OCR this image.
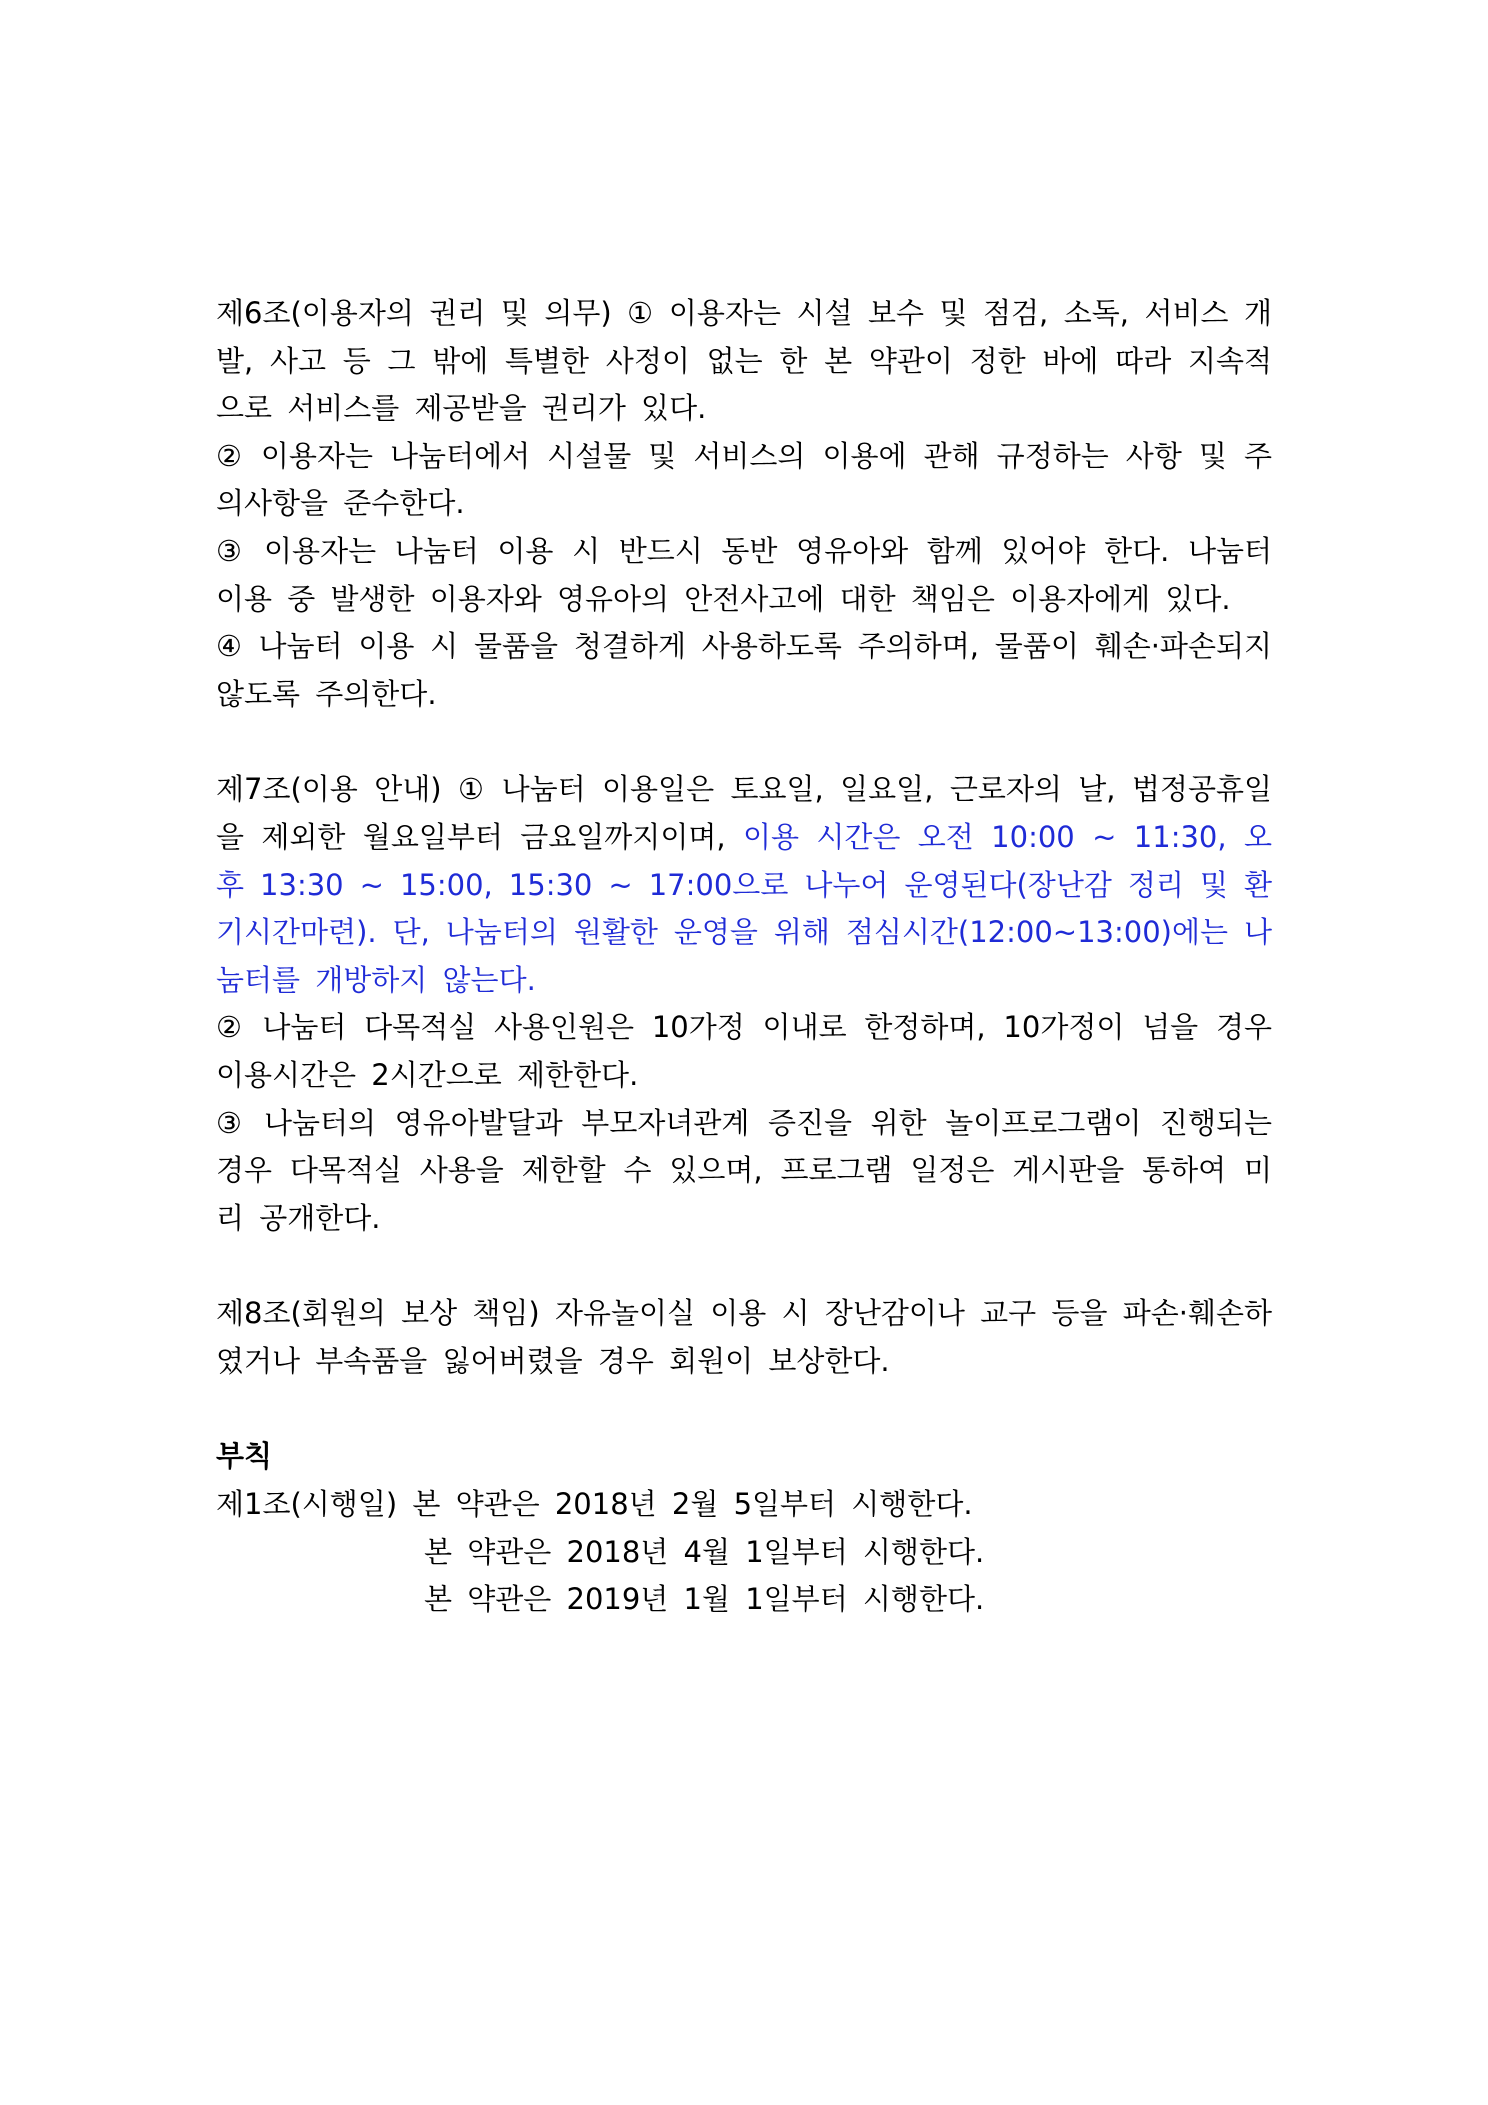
제6조(이용자의 권리 및 의무) ① 이용자는 시설 보수 및 점검, 소독, 서비스 개발, 사고 등 그 밖에 특별한 사정이 없는 한 본 약관이 정한 바에 따라 지속적으로 서비스를 제공받을 권리가 있다.

② 이용자는 나눔터에서 시설물 및 서비스의 이용에 관해 규정하는 사항 및 주의사항을 준수한다.

③ 이용자는 나눔터 이용 시 반드시 동반 영유아와 함께 있어야 한다. 나눔터 이용 중 발생한 이용자와 영유아의 안전사고에 대한 책임은 이용자에게 있다.

④ 나눔터 이용 시 물품을 청결하게 사용하도록 주의하며, 물품이 훼손·파손되지 않도록 주의한다.

제7조(이용 안내) ① 나눔터 이용일은 토요일, 일요일, 근로자의 날, 법정공휴일을 제외한 월요일부터 금요일까지이며, 이용 시간은 오전 10:00 ~ 11:30, 오후 13:30 ~ 15:00, 15:30 ~ 17:00으로 나누어 운영된다(장난감 정리 및 환기시간마련). 단, 나눔터의 원활한 운영을 위해 점심시간(12:00~13:00)에는 나눔터를 개방하지 않는다.

② 나눔터 다목적실 사용인원은 10가정 이내로 한정하며, 10가정이 넘을 경우 이용시간은 2시간으로 제한한다.

③ 나눔터의 영유아발달과 부모자녀관계 증진을 위한 놀이프로그램이 진행되는 경우 다목적실 사용을 제한할 수 있으며, 프로그램 일정은 게시판을 통하여 미리 공개한다.

제8조(회원의 보상 책임) 자유놀이실 이용 시 장난감이나 교구 등을 파손·훼손하였거나 부속품을 잃어버렸을 경우 회원이 보상한다.

부칙

제1조(시행일) 본 약관은 2018년 2월 5일부터 시행한다.

본 약관은 2018년 4월 1일부터 시행한다.

본 약관은 2019년 1월 1일부터 시행한다.
